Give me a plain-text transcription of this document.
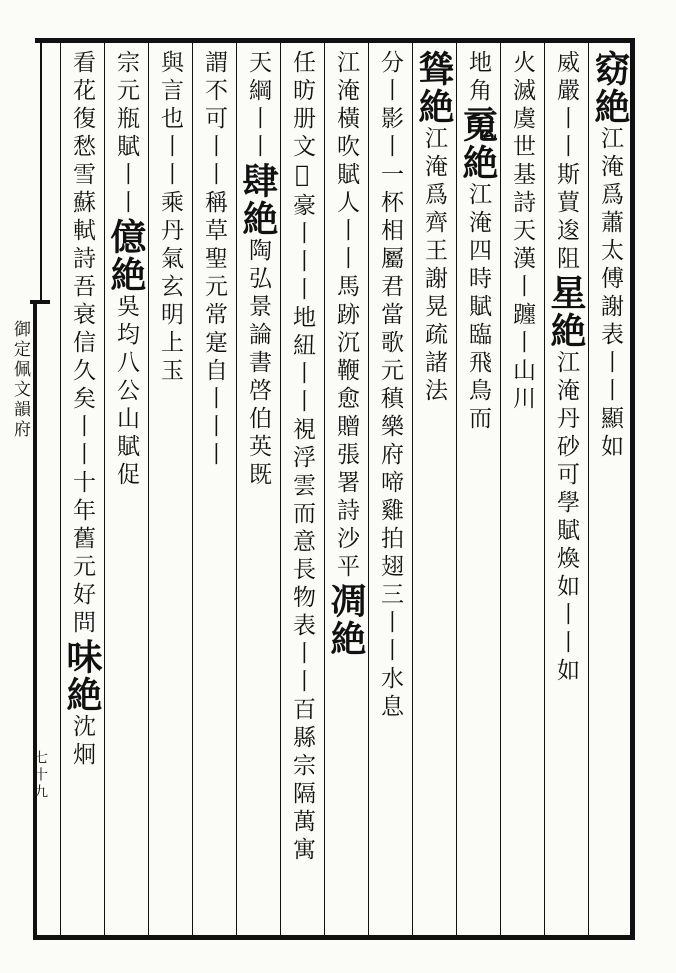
窈絶江淹爲蕭太傅謝表丨丨顯如
威嚴丨丨斯蕒逡阻星絶江淹丹砂可學賦煥如丨丨如
火滅虞世基詩天漢丨躔丨山川
地角䰟絶江淹四時賦臨飛鳥而
聳絶江淹爲齊王謝晃疏諸法
分丨影丨一杯相屬君當歌元稹樂府啼雞拍翅三丨丨水息
江淹橫吹賦人丨丨馬跡沉鞭愈贈張署詩沙平凋絶
任昉册文𨥁豪丨丨丨地紐丨丨視浮雲而意長物表丨丨百縣宗隔萬寓
天綱丨丨肆絶陶弘景論書啓伯英既
謂不可丨丨稱草聖元常寔自丨丨丨
與言也丨丨乘丹氣玄明上玉
宗元瓶賦丨丨億絶吳均八公山賦促
看花復愁雪蘇軾詩吾衰信久矣丨丨十年舊元好問味絶沈炯
御定佩文韻府
七十九
